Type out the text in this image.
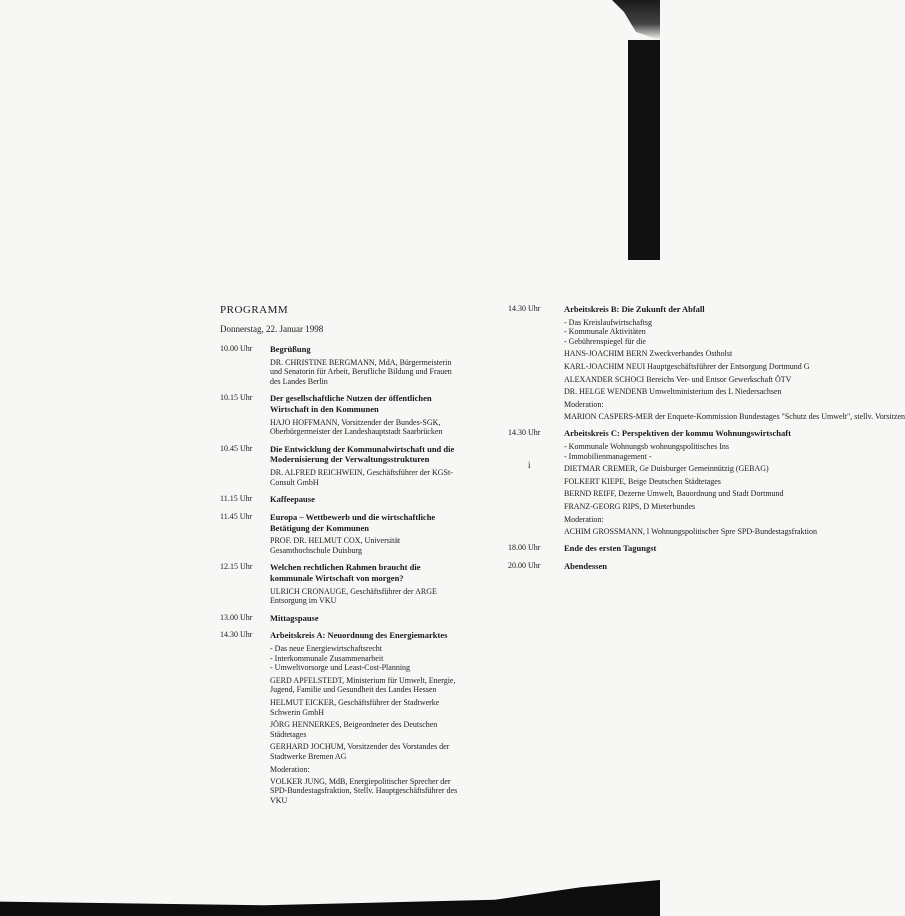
PROGRAMM
Donnerstag, 22. Januar 1998
10.00 Uhr	Begrüßung
DR. CHRISTINE BERGMANN, MdA, Bürgermeisterin und Senatorin für Arbeit, Berufliche Bildung und Frauen des Landes Berlin
10.15 Uhr	Der gesellschaftliche Nutzen der öffentlichen Wirtschaft in den Kommunen
HAJO HOFFMANN, Vorsitzender der Bundes-SGK, Oberbürgermeister der Landeshauptstadt Saarbrücken
10.45 Uhr	Die Entwicklung der Kommunalwirtschaft und die Modernisierung der Verwaltungsstrukturen
DR. ALFRED REICHWEIN, Geschäftsführer der KGSt-Consult GmbH
11.15 Uhr	Kaffeepause
11.45 Uhr	Europa – Wettbewerb und die wirtschaftliche Betätigung der Kommunen
PROF. DR. HELMUT COX, Universität Gesamthochschule Duisburg
12.15 Uhr	Welchen rechtlichen Rahmen braucht die kommunale Wirtschaft von morgen?
ULRICH CRONAUGE, Geschäftsführer der ARGE Entsorgung im VKU
13.00 Uhr	Mittagspause
14.30 Uhr	Arbeitskreis A: Neuordnung des Energiemarktes
- Das neue Energiewirtschaftsrecht
- Interkommunale Zusammenarbeit
- Umweltvorsorge und Least-Cost-Planning
GERD APFELSTEDT, Ministerium für Umwelt, Energie, Jugend, Familie und Gesundheit des Landes Hessen
HELMUT EICKER, Geschäftsführer der Stadtwerke Schwerin GmbH
JÖRG HENNERKES, Beigeordneter des Deutschen Städtetages
GERHARD JOCHUM, Vorsitzender des Vorstandes der Stadtwerke Bremen AG
Moderation:
VOLKER JUNG, MdB, Energiepolitischer Sprecher der SPD-Bundestagsfraktion, Stellv. Hauptgeschäftsführer des VKU
14.30 Uhr	Arbeitskreis B: Die Zukunft der Abfall
- Das Kreislaufwirtschaftsg
- Kommunale Aktivitäten
- Gebührenspiegel für die
HANS-JOACHIM BERN Zweckverbandes Ostholst
KARL-JOACHIM NEUI Hauptgeschäftsführer der Entsorgung Dortmund G
ALEXANDER SCHOCI Bereichs Ver- und Entsor Gewerkschaft ÖTV
DR. HELGE WENDENB Umweltministerium des L Niedersachsen
Moderation:
MARION CASPERS-MER der Enquete-Kommission Bundestages "Schutz des Umwelt", stellv. Vorsitzen
14.30 Uhr	Arbeitskreis C: Perspektiven der kommu Wohnungswirtschaft
- Kommunale Wohnungsb wohnungspolitisches Ins
- Immobilienmanagement -
DIETMAR CREMER, Ge Duisburger Gemeinnützig (GEBAG)
FOLKERT KIEPE, Beige Deutschen Städtetages
BERND REIFF, Dezerne Umwelt, Bauordnung und Stadt Dortmund
FRANZ-GEORG RIPS, D Mieterbundes
Moderation:
ACHIM GROSSMANN, l Wohnungspolitischer Spre SPD-Bundestagsfraktion
18.00 Uhr	Ende des ersten Tagungst
20.00 Uhr	Abendessen
i
